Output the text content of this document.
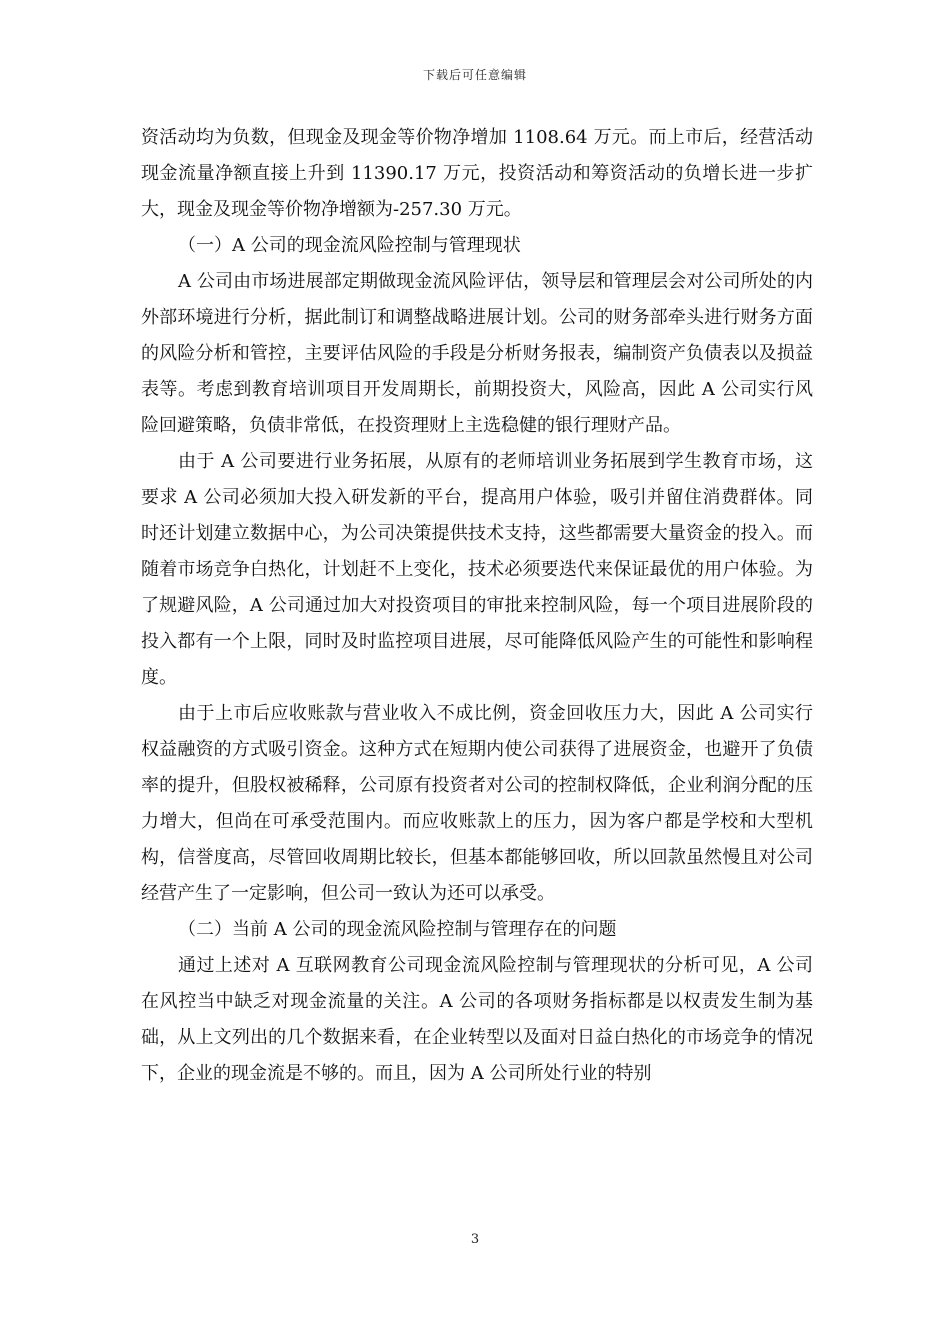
下载后可任意编辑

资活动均为负数，但现金及现金等价物净增加 1108.64 万元。而上市后，经营活动现金流量净额直接上升到 11390.17 万元，投资活动和筹资活动的负增长进一步扩大，现金及现金等价物净增额为-257.30 万元。

（一）A 公司的现金流风险控制与管理现状

A 公司由市场进展部定期做现金流风险评估，领导层和管理层会对公司所处的内外部环境进行分析，据此制订和调整战略进展计划。公司的财务部牵头进行财务方面的风险分析和管控，主要评估风险的手段是分析财务报表，编制资产负债表以及损益表等。考虑到教育培训项目开发周期长，前期投资大，风险高，因此 A 公司实行风险回避策略，负债非常低，在投资理财上主选稳健的银行理财产品。

由于 A 公司要进行业务拓展，从原有的老师培训业务拓展到学生教育市场，这要求 A 公司必须加大投入研发新的平台，提高用户体验，吸引并留住消费群体。同时还计划建立数据中心，为公司决策提供技术支持，这些都需要大量资金的投入。而随着市场竞争白热化，计划赶不上变化，技术必须要迭代来保证最优的用户体验。为了规避风险，A 公司通过加大对投资项目的审批来控制风险，每一个项目进展阶段的投入都有一个上限，同时及时监控项目进展，尽可能降低风险产生的可能性和影响程度。

由于上市后应收账款与营业收入不成比例，资金回收压力大，因此 A 公司实行权益融资的方式吸引资金。这种方式在短期内使公司获得了进展资金，也避开了负债率的提升，但股权被稀释，公司原有投资者对公司的控制权降低，企业利润分配的压力增大，但尚在可承受范围内。而应收账款上的压力，因为客户都是学校和大型机构，信誉度高，尽管回收周期比较长，但基本都能够回收，所以回款虽然慢且对公司经营产生了一定影响，但公司一致认为还可以承受。

（二）当前 A 公司的现金流风险控制与管理存在的问题

通过上述对 A 互联网教育公司现金流风险控制与管理现状的分析可见，A 公司在风控当中缺乏对现金流量的关注。A 公司的各项财务指标都是以权责发生制为基础，从上文列出的几个数据来看，在企业转型以及面对日益白热化的市场竞争的情况下，企业的现金流是不够的。而且，因为 A 公司所处行业的特别

3
